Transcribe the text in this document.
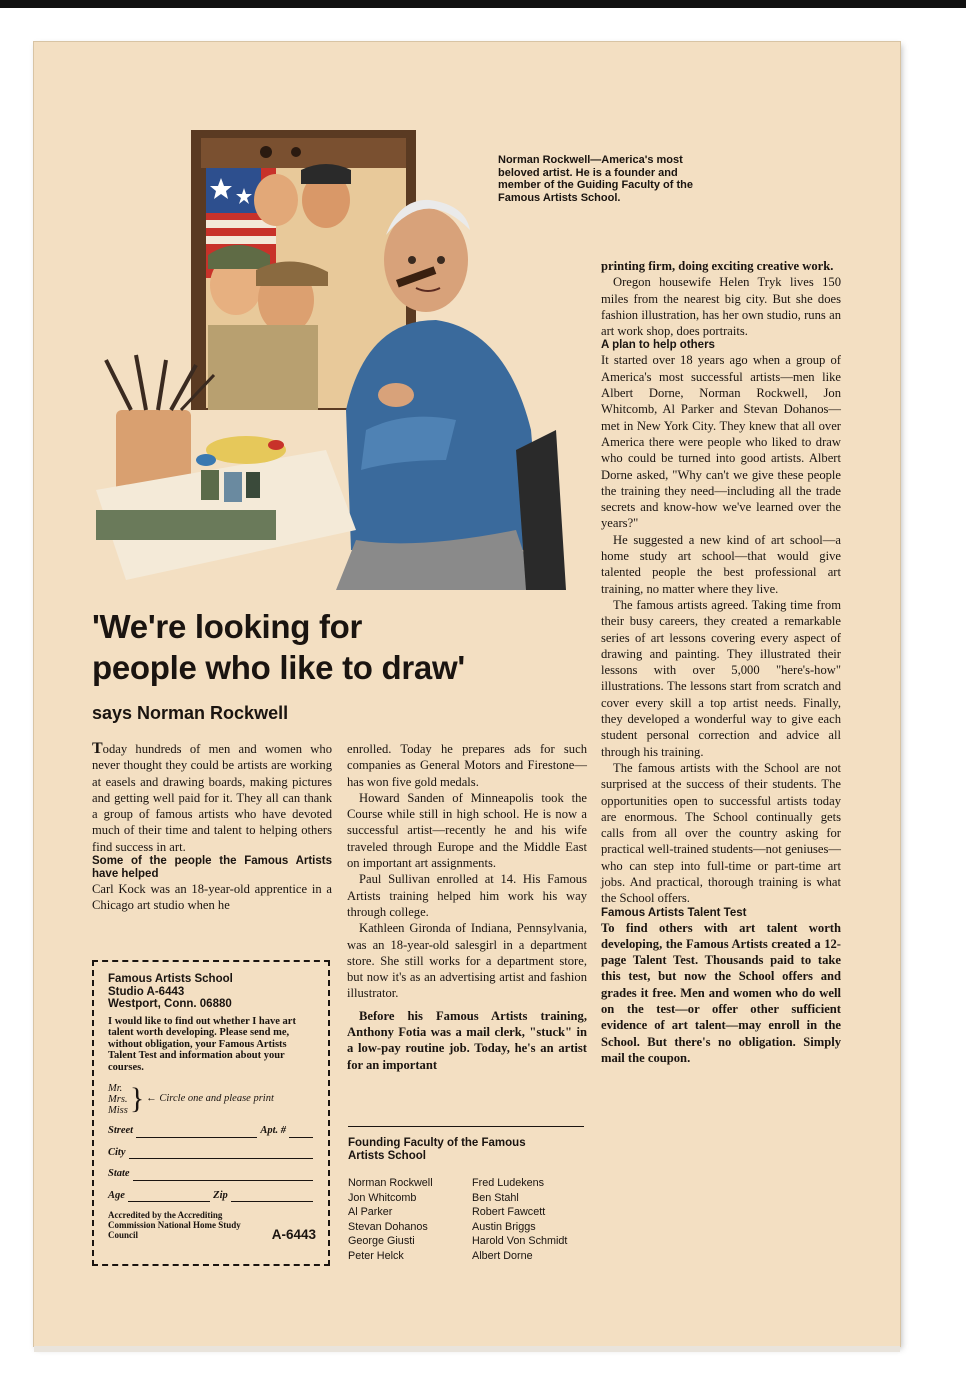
Norman Rockwell—America's most beloved artist. He is a founder and member of the Guiding Faculty of the Famous Artists School.
'We're looking for
people who like to draw'
says Norman Rockwell

Today hundreds of men and women who never thought they could be artists are working at easels and drawing boards, making pictures and getting well paid for it. They all can thank a group of famous artists who have devoted much of their time and talent to helping others find success in art.

Some of the people the Famous Artists have helped

Carl Kock was an 18-year-old apprentice in a Chicago art studio when he

Famous Artists School
Studio A-6443
Westport, Conn. 06880
I would like to find out whether I have art talent worth developing. Please send me, without obligation, your Famous Artists Talent Test and information about your courses.
Mr.
Mrs.
Miss } ← Circle one and please print
Street	Apt. #
City
State
Age	Zip
Accredited by the Accrediting Commission National Home Study Council	A-6443

enrolled. Today he prepares ads for such companies as General Motors and Firestone—has won five gold medals.

Howard Sanden of Minneapolis took the Course while still in high school. He is now a successful artist—recently he and his wife traveled through Europe and the Middle East on important art assignments.

Paul Sullivan enrolled at 14. His Famous Artists training helped him work his way through college.

Kathleen Gironda of Indiana, Pennsylvania, was an 18-year-old salesgirl in a department store. She still works for a department store, but now it's as an advertising artist and fashion illustrator.

Before his Famous Artists training, Anthony Fotia was a mail clerk, "stuck" in a low-pay routine job. Today, he's an artist for an important

Founding Faculty of the Famous Artists School
Norman Rockwell	Fred Ludekens
Jon Whitcomb	Ben Stahl
Al Parker	Robert Fawcett
Stevan Dohanos	Austin Briggs
George Giusti	Harold Von Schmidt
Peter Helck	Albert Dorne

printing firm, doing exciting creative work.

Oregon housewife Helen Tryk lives 150 miles from the nearest big city. But she does fashion illustration, has her own studio, runs an art work shop, does portraits.

A plan to help others

It started over 18 years ago when a group of America's most successful artists—men like Albert Dorne, Norman Rockwell, Jon Whitcomb, Al Parker and Stevan Dohanos—met in New York City. They knew that all over America there were people who liked to draw who could be turned into good artists. Albert Dorne asked, "Why can't we give these people the training they need—including all the trade secrets and know-how we've learned over the years?"

He suggested a new kind of art school—a home study art school—that would give talented people the best professional art training, no matter where they live.

The famous artists agreed. Taking time from their busy careers, they created a remarkable series of art lessons covering every aspect of drawing and painting. They illustrated their lessons with over 5,000 "here's-how" illustrations. The lessons start from scratch and cover every skill a top artist needs. Finally, they developed a wonderful way to give each student personal correction and advice all through his training.

The famous artists with the School are not surprised at the success of their students. The opportunities open to successful artists today are enormous. The School continually gets calls from all over the country asking for practical well-trained students—not geniuses—who can step into full-time or part-time art jobs. And practical, thorough training is what the School offers.

Famous Artists Talent Test

To find others with art talent worth developing, the Famous Artists created a 12-page Talent Test. Thousands paid to take this test, but now the School offers and grades it free. Men and women who do well on the test—or offer other sufficient evidence of art talent—may enroll in the School. But there's no obligation. Simply mail the coupon.
